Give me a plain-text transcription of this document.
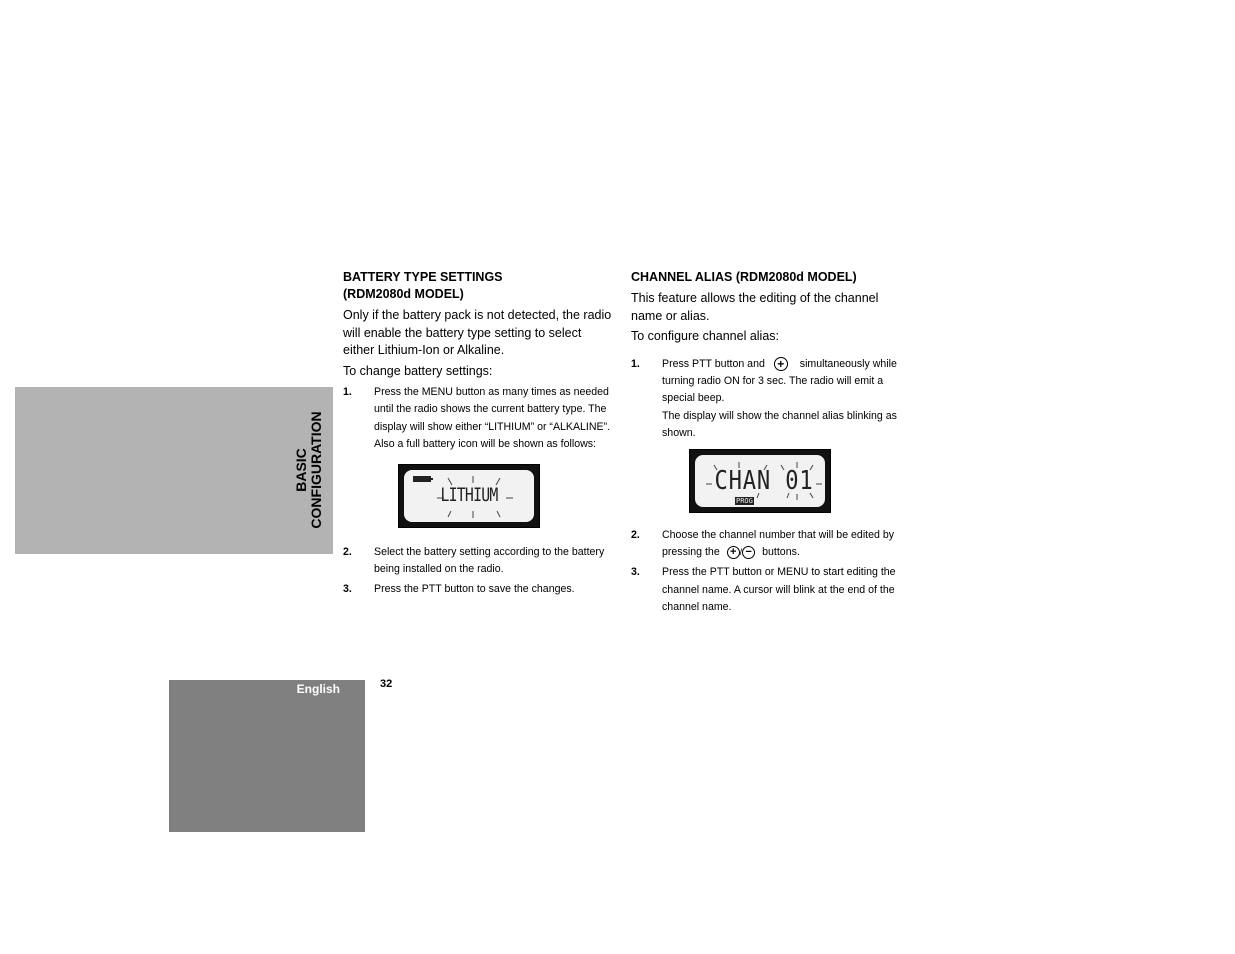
BASIC CONFIGURATION
English	32
BATTERY TYPE SETTINGS
(RDM2080d MODEL)

Only if the battery pack is not detected, the radio will enable the battery type setting to select either Lithium-Ion or Alkaline.

To change battery settings:

1. Press the MENU button as many times as needed until the radio shows the current battery type. The display will show either “LITHIUM” or “ALKALINE”. Also a full battery icon will be shown as follows:
LITHIUM
2. Select the battery setting according to the battery being installed on the radio.
3. Press the PTT button to save the changes.
CHANNEL ALIAS (RDM2080d MODEL)

This feature allows the editing of the channel name or alias.

To configure channel alias:

1. Press PTT button and + simultaneously while turning radio ON for 3 sec. The radio will emit a special beep.
The display will show the channel alias blinking as shown.
CHAN 01
PROG
2. Choose the channel number that will be edited by pressing the + / − buttons.
3. Press the PTT button or MENU to start editing the channel name. A cursor will blink at the end of the channel name.
